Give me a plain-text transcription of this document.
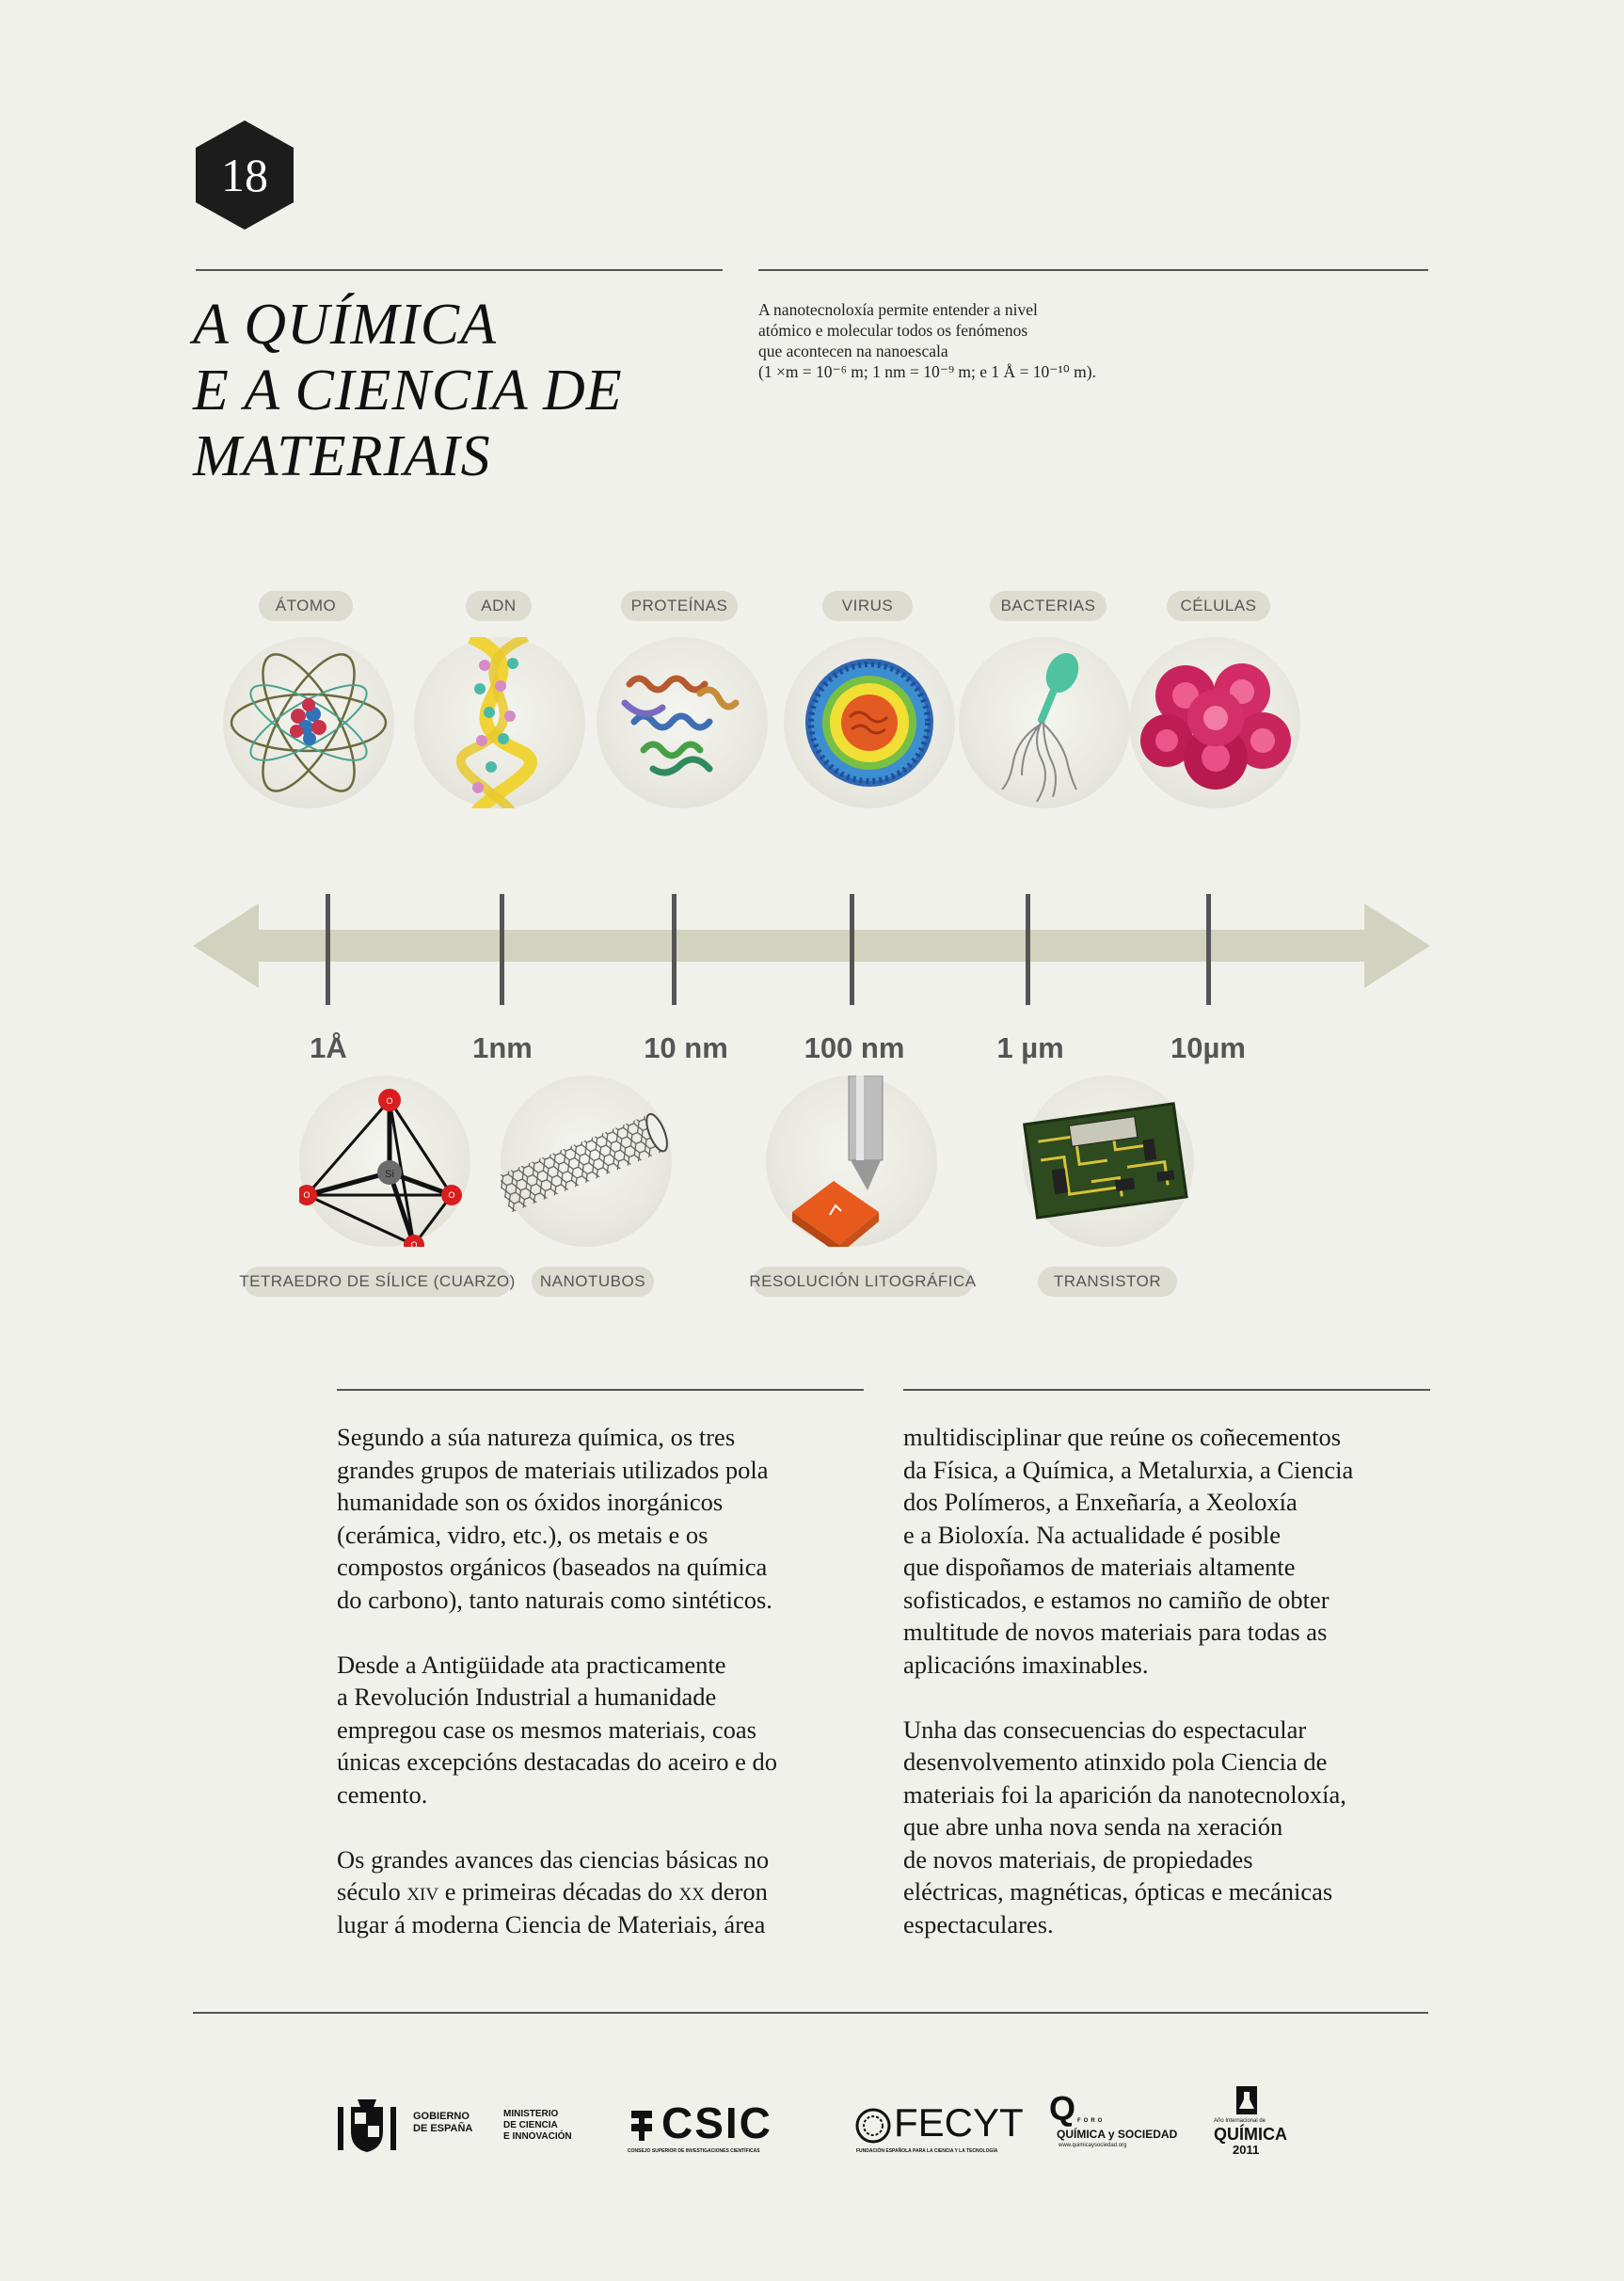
18
A QUÍMICA
E A CIENCIA DE
MATERIAIS
A nanotecnoloxía permite entender a nivel
atómico e molecular todos os fenómenos
que acontecen na nanoescala
(1 ×m = 10⁻⁶ m; 1 nm = 10⁻⁹ m; e 1 Å = 10⁻¹⁰ m).
ÁTOMO	ADN	PROTEÍNAS	VIRUS	BACTERIAS	CÉLULAS
1Å	1nm	10 nm	100 nm	1 µm	10µm
Si
O
O	O
O
TETRAEDRO DE SÍLICE (CUARZO)	NANOTUBOS	RESOLUCIÓN LITOGRÁFICA	TRANSISTOR

Segundo a súa natureza química, os tres
grandes grupos de materiais utilizados pola
humanidade son os óxidos inorgánicos
(cerámica, vidro, etc.), os metais e os
compostos orgánicos (baseados na química
do carbono), tanto naturais como sintéticos.

Desde a Antigüidade ata practicamente
a Revolución Industrial a humanidade
empregou case os mesmos materiais, coas
únicas excepcións destacadas do aceiro e do
cemento.

Os grandes avances das ciencias básicas no
século xiv e primeiras décadas do xx deron
lugar á moderna Ciencia de Materiais, área

multidisciplinar que reúne os coñecementos
da Física, a Química, a Metalurxia, a Ciencia
dos Polímeros, a Enxeñaría, a Xeoloxía
e a Bioloxía. Na actualidade é posible
que dispoñamos de materiais altamente
sofisticados, e estamos no camiño de obter
multitude de novos materiais para todas as
aplicacións imaxinables.

Unha das consecuencias do espectacular
desenvolvemento atinxido pola Ciencia de
materiais foi la aparición da nanotecnoloxía,
que abre unha nova senda na xeración
de novos materiais, de propiedades
eléctricas, magnéticas, ópticas e mecánicas
espectaculares.

GOBIERNO
DE ESPAÑA
MINISTERIO
DE CIENCIA
E INNOVACIÓN CSIC
CONSEJO SUPERIOR DE INVESTIGACIONES CIENTÍFICAS
FECYT
FUNDACIÓN ESPAÑOLA PARA LA CIENCIA Y LA TECNOLOGÍA
Q FORO
QUÍMICA y SOCIEDAD
www.quimicaysociedad.org
Año Internacional de
QUÍMICA
2011
